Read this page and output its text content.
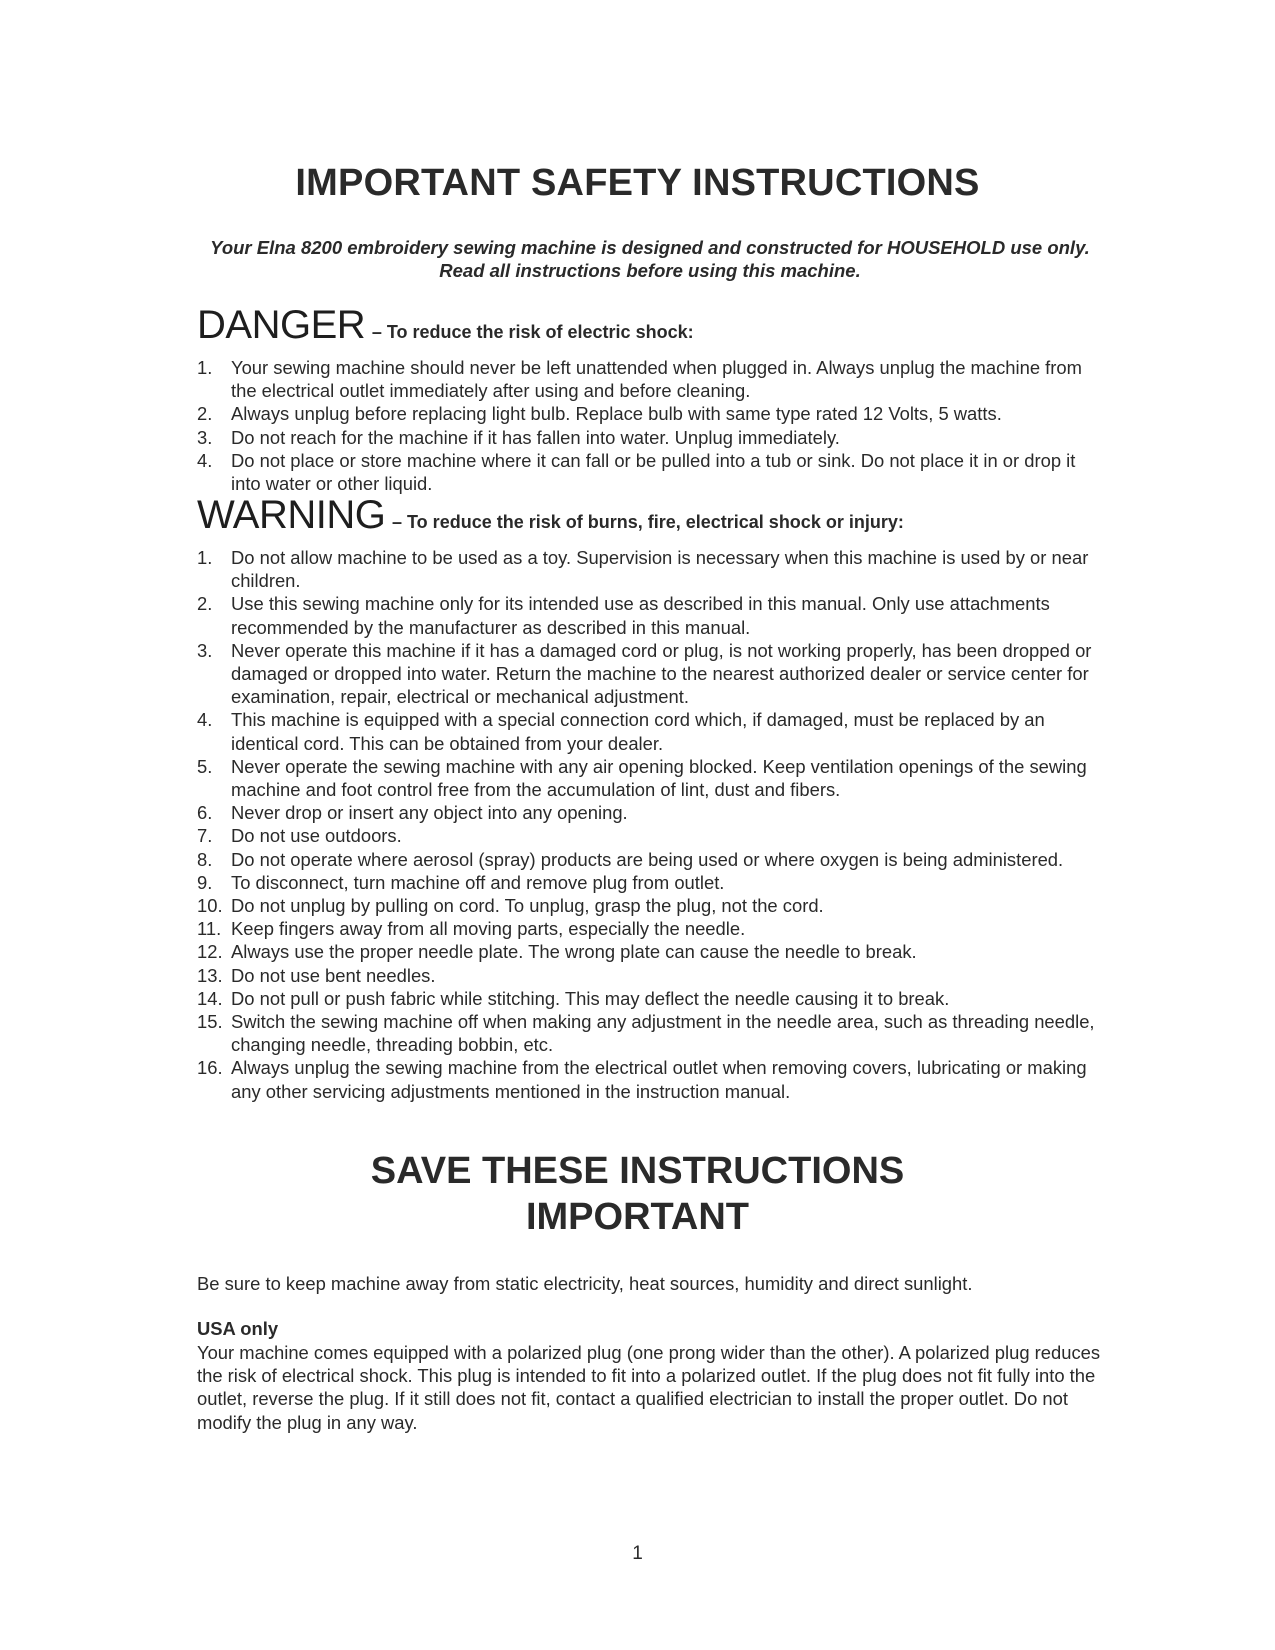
IMPORTANT SAFETY INSTRUCTIONS

Your Elna 8200 embroidery sewing machine is designed and constructed for HOUSEHOLD use only. Read all instructions before using this machine.

DANGER – To reduce the risk of electric shock:
1. Your sewing machine should never be left unattended when plugged in. Always unplug the machine from the electrical outlet immediately after using and before cleaning.
2. Always unplug before replacing light bulb. Replace bulb with same type rated 12 Volts, 5 watts.
3. Do not reach for the machine if it has fallen into water. Unplug immediately.
4. Do not place or store machine where it can fall or be pulled into a tub or sink. Do not place it in or drop it into water or other liquid.
WARNING – To reduce the risk of burns, fire, electrical shock or injury:
1. Do not allow machine to be used as a toy. Supervision is necessary when this machine is used by or near children.
2. Use this sewing machine only for its intended use as described in this manual. Only use attachments recommended by the manufacturer as described in this manual.
3. Never operate this machine if it has a damaged cord or plug, is not working properly, has been dropped or damaged or dropped into water. Return the machine to the nearest authorized dealer or service center for examination, repair, electrical or mechanical adjustment.
4. This machine is equipped with a special connection cord which, if damaged, must be replaced by an identical cord. This can be obtained from your dealer.
5. Never operate the sewing machine with any air opening blocked. Keep ventilation openings of the sewing machine and foot control free from the accumulation of lint, dust and fibers.
6. Never drop or insert any object into any opening.
7. Do not use outdoors.
8. Do not operate where aerosol (spray) products are being used or where oxygen is being administered.
9. To disconnect, turn machine off and remove plug from outlet.
10. Do not unplug by pulling on cord. To unplug, grasp the plug, not the cord.
11. Keep fingers away from all moving parts, especially the needle.
12. Always use the proper needle plate. The wrong plate can cause the needle to break.
13. Do not use bent needles.
14. Do not pull or push fabric while stitching. This may deflect the needle causing it to break.
15. Switch the sewing machine off when making any adjustment in the needle area, such as threading needle, changing needle, threading bobbin, etc.
16. Always unplug the sewing machine from the electrical outlet when removing covers, lubricating or making any other servicing adjustments mentioned in the instruction manual.
SAVE THESE INSTRUCTIONS
IMPORTANT

Be sure to keep machine away from static electricity, heat sources, humidity and direct sunlight.

USA only

Your machine comes equipped with a polarized plug (one prong wider than the other). A polarized plug reduces the risk of electrical shock. This plug is intended to fit into a polarized outlet. If the plug does not fit fully into the outlet, reverse the plug. If it still does not fit, contact a qualified electrician to install the proper outlet. Do not modify the plug in any way.

1
